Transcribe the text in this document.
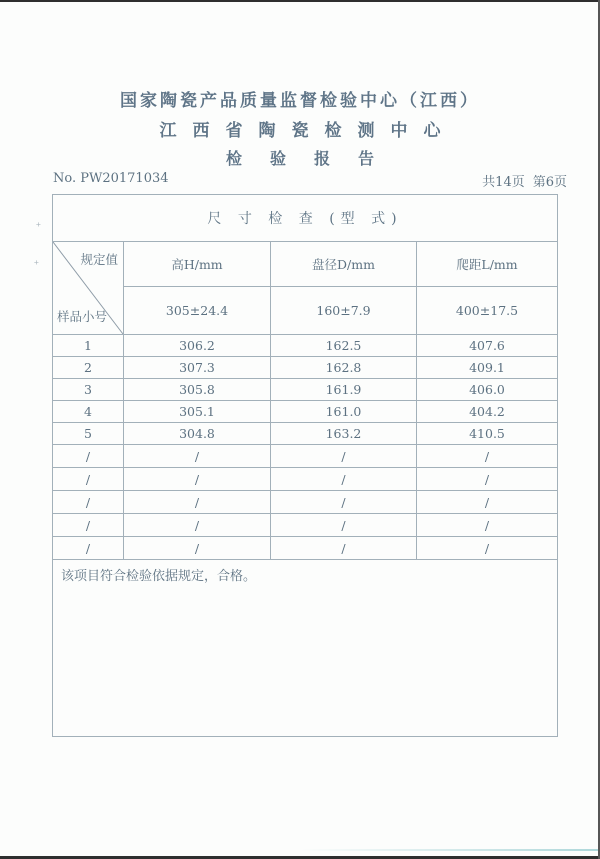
+
+
国家陶瓷产品质量监督检验中心（江西）
江西省陶瓷检测中心
检验报告
No. PW20171034	共14页 第6页
尺 寸 检 查 (型 式)			

规定值
样品小号	高H/mm	盘径D/mm	爬距L/mm
	305±24.4	160±7.9	400±17.5
1	306.2	162.5	407.6
2	307.3	162.8	409.1
3	305.8	161.9	406.0
4	305.1	161.0	404.2
5	304.8	163.2	410.5
/	/	/	/
/	/	/	/
/	/	/	/
/	/	/	/
/	/	/	/
该项目符合检验依据规定，合格。			
